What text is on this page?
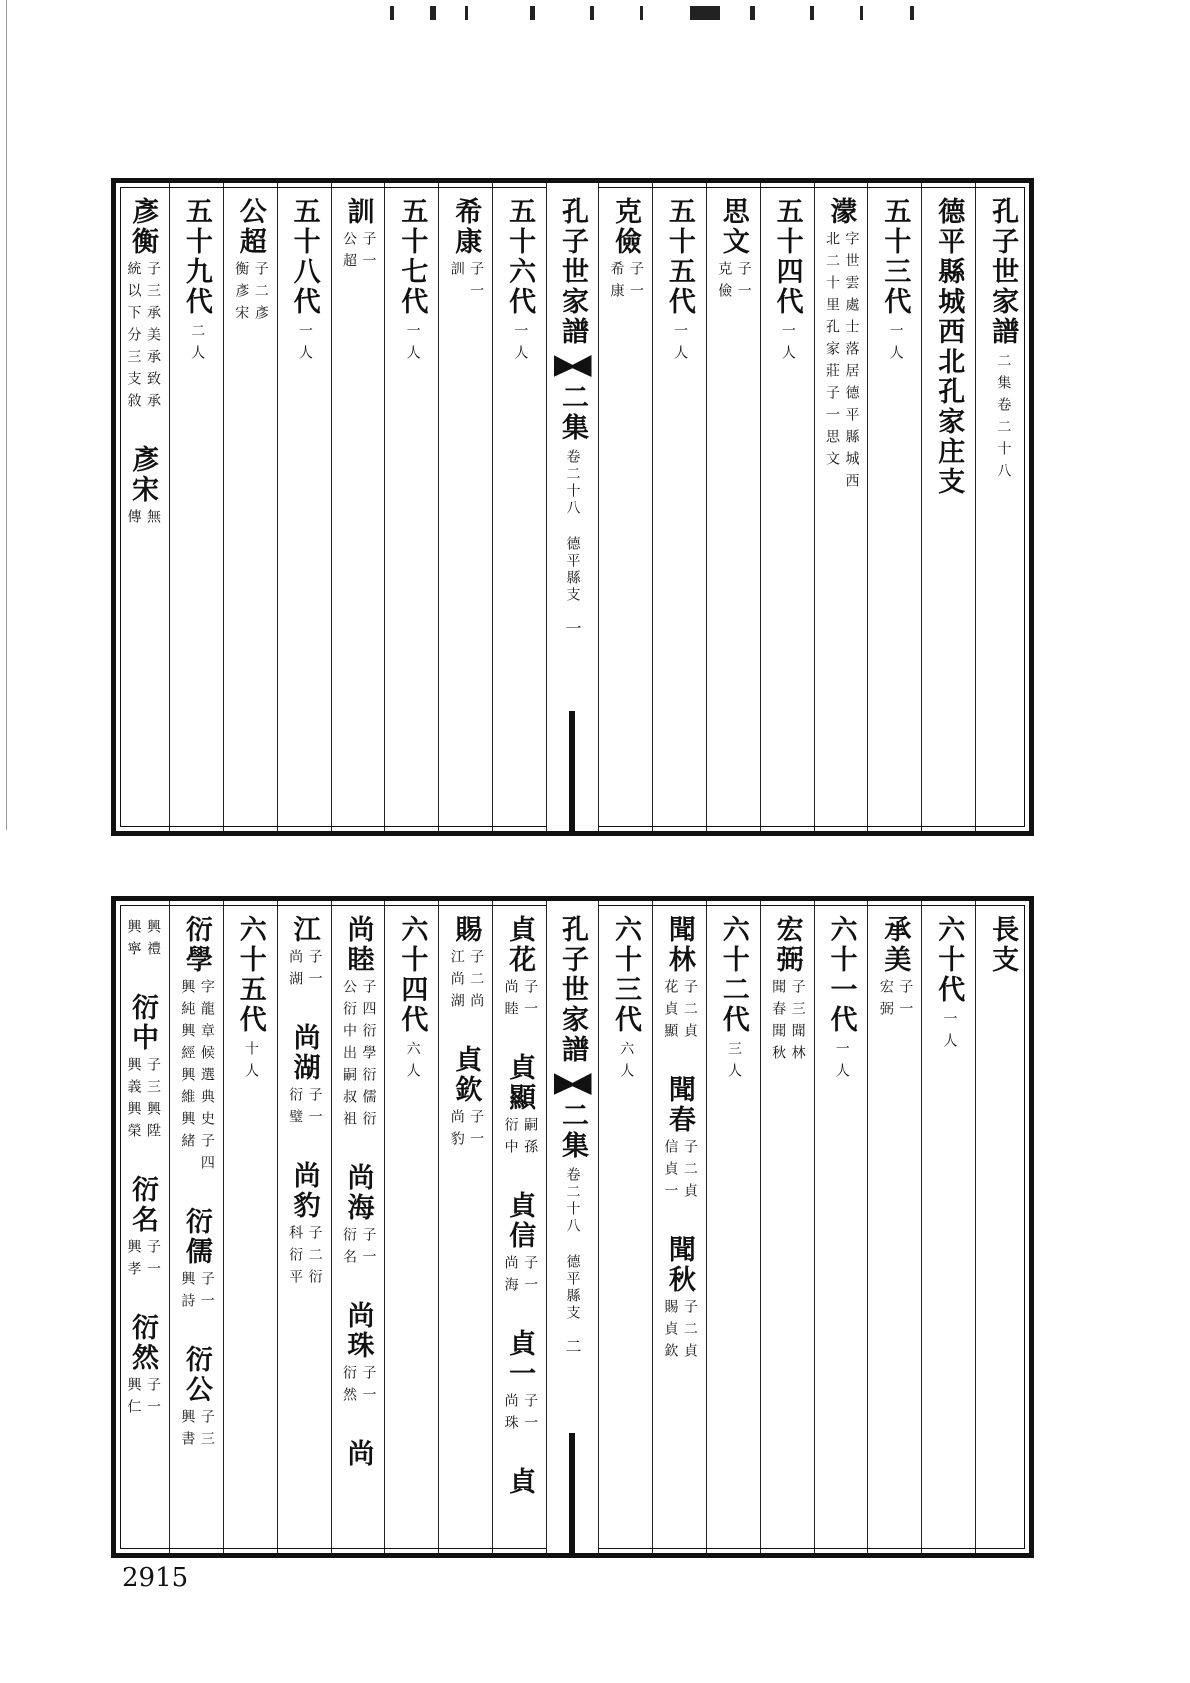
孔子世家譜
二集卷二十八
德平縣城西北孔家庄支
五十三代
一人
濛
字世雲處士落居德平縣城西
北二十里孔家莊子一思文
五十四代
一人
思文
子一
克儉
五十五代
一人
克儉
子一
希康
孔子世家譜
二集
卷二十八 德平縣支
一
五十六代
一人
希康
子一
訓
五十七代
一人
訓
子一
公超
五十八代
一人
公超
子二彥
衡彥宋
五十九代
二人
彥衡
子三承美承致承
統以下分三支敘
彥宋
無
傳
長支
六十代
一人
承美
子一
宏弼
六十一代
一人
宏弼
子三聞林
聞春聞秋
六十二代
三人
聞林
子二貞
花貞顯
聞春
子二貞
信貞一
聞秋
子二貞
賜貞欽
六十三代
六人
孔子世家譜
二集
卷二十八 德平縣支
二
貞花
子一
尚睦
貞顯
嗣孫
衍中
貞信
子一
尚海
貞一
子一
尚珠
貞
賜
子二尚
江尚湖
貞欽
子一
尚豹
六十四代
六人
尚睦
子四衍學衍儒衍
公衍中出嗣叔祖
尚海
子一
衍名
尚珠
子一
衍然
尚
江
子一
尚湖
尚湖
子一
衍璧
尚豹
子二衍
科衍平
六十五代
十人
衍學
字龍章候選典史子四
興純興經興維興緒
衍儒
子一
興詩
衍公
子三
興書
興禮
興寧
衍中
子三興陞
興義興榮
衍名
子一
興孝
衍然
子一
興仁
2915
